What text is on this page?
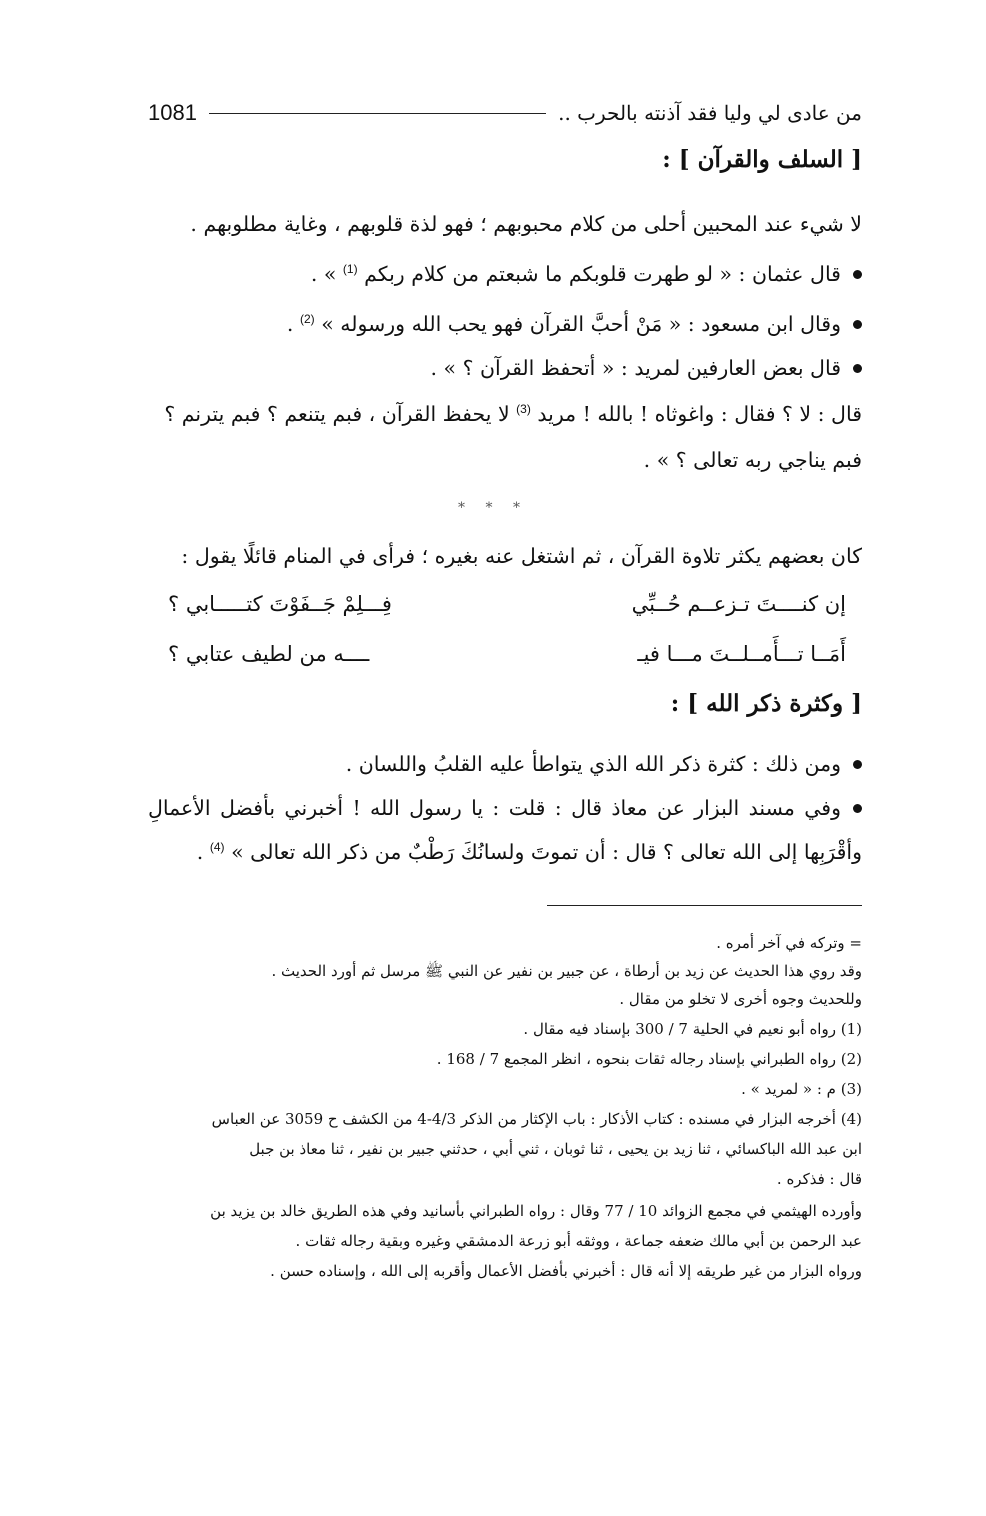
1081	من عادى لي وليا فقد آذنته بالحرب ..
[ السلف والقرآن ] :
لا شيء عند المحبين أحلى من كلام محبوبهم ؛ فهو لذة قلوبهم ، وغاية مطلوبهم .
قال عثمان : « لو طهرت قلوبكم ما شبعتم من كلام ربكم $^{(1)}$ » .
وقال ابن مسعود : « مَنْ أحبَّ القرآن فهو يحب الله ورسوله » $^{(2)}$ .
قال بعض العارفين لمريد : « أتحفظ القرآن ؟ » .
قال : لا ؟ فقال : واغوثاه ! بالله ! مريد $^{(3)}$ لا يحفظ القرآن ، فبم يتنعم ؟ فبم يترنم ؟
فبم يناجي ربه تعالى ؟ » .
* * *
كان بعضهم يكثر تلاوة القرآن ، ثم اشتغل عنه بغيره ؛ فرأى في المنام قائلًا يقول :
إن كنــــتَ تـزعــم حُــبِّي
فِـــلِمْ جَــفَوْتَ كتـــــابي ؟
أَمَــا تـــأَمــلــتَ مـــا فيـ
ــــه من لطيف عتابي ؟
[ وكثرة ذكر الله ] :
ومن ذلك : كثرة ذكر الله الذي يتواطأ عليه القلبُ واللسان .
وفي مسند البزار عن معاذ قال : قلت : يا رسول الله ! أخبرني بأفضل الأعمالِ
وأقْرَبِها إلى الله تعالى ؟ قال : أن تموتَ ولسانُكَ رَطْبٌ من ذكر الله تعالى » $^{(4)}$ .
= وتركه في آخر أمره .
وقد روي هذا الحديث عن زيد بن أرطاة ، عن جبير بن نفير عن النبي ﷺ مرسل ثم أورد الحديث .
وللحديث وجوه أخرى لا تخلو من مقال .
(1) رواه أبو نعيم في الحلية 7 / 300 بإسناد فيه مقال .
(2) رواه الطبراني بإسناد رجاله ثقات بنحوه ، انظر المجمع 7 / 168 .
(3) م : « لمريد » .
(4) أخرجه البزار في مسنده : كتاب الأذكار : باب الإكثار من الذكر 4/3-4 من الكشف ح 3059 عن العباس
ابن عبد الله الباكسائي ، ثنا زيد بن يحيى ، ثنا ثوبان ، ثني أبي ، حدثني جبير بن نفير ، ثنا معاذ بن جبل
قال : فذكره .
وأورده الهيثمي في مجمع الزوائد 10 / 77 وقال : رواه الطبراني بأسانيد وفي هذه الطريق خالد بن يزيد بن
عبد الرحمن بن أبي مالك ضعفه جماعة ، ووثقه أبو زرعة الدمشقي وغيره وبقية رجاله ثقات .
ورواه البزار من غير طريقه إلا أنه قال : أخبرني بأفضل الأعمال وأقربه إلى الله ، وإسناده حسن .
